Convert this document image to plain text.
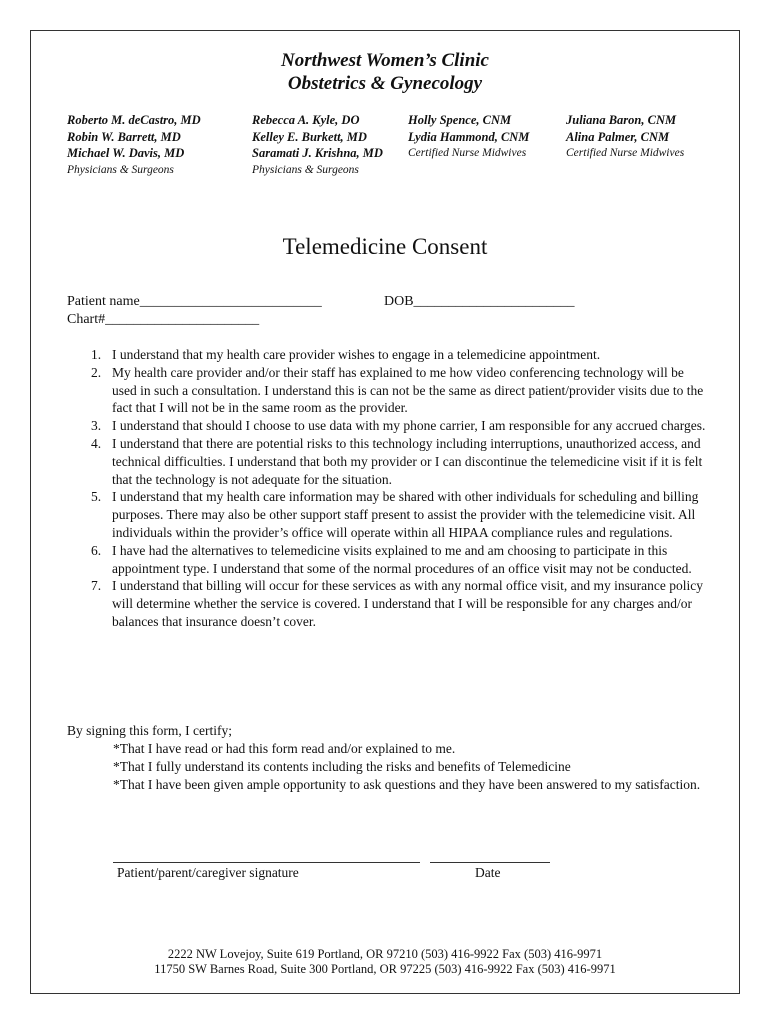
Northwest Women’s Clinic
Obstetrics & Gynecology
Roberto M. deCastro, MD
Robin W. Barrett, MD
Michael W. Davis, MD
Physicians & Surgeons
Rebecca A. Kyle, DO
Kelley E. Burkett, MD
Saramati J. Krishna, MD
Physicians & Surgeons
Holly Spence, CNM
Lydia Hammond, CNM
Certified Nurse Midwives
Juliana Baron, CNM
Alina Palmer, CNM
Certified Nurse Midwives
Telemedicine Consent
Patient name__________________________	DOB_______________________
Chart#______________________
1. I understand that my health care provider wishes to engage in a telemedicine appointment.
2. My health care provider and/or their staff has explained to me how video conferencing technology will be used in such a consultation. I understand this is can not be the same as direct patient/provider visits due to the fact that I will not be in the same room as the provider.
3. I understand that should I choose to use data with my phone carrier, I am responsible for any accrued charges.
4. I understand that there are potential risks to this technology including interruptions, unauthorized access, and technical difficulties. I understand that both my provider or I can discontinue the telemedicine visit if it is felt that the technology is not adequate for the situation.
5. I understand that my health care information may be shared with other individuals for scheduling and billing purposes. There may also be other support staff present to assist the provider with the telemedicine visit. All individuals within the provider’s office will operate within all HIPAA compliance rules and regulations.
6. I have had the alternatives to telemedicine visits explained to me and am choosing to participate in this appointment type. I understand that some of the normal procedures of an office visit may not be conducted.
7. I understand that billing will occur for these services as with any normal office visit, and my insurance policy will determine whether the service is covered. I understand that I will be responsible for any charges and/or balances that insurance doesn’t cover.
By signing this form, I certify;
*That I have read or had this form read and/or explained to me.
*That I fully understand its contents including the risks and benefits of Telemedicine
*That I have been given ample opportunity to ask questions and they have been answered to my satisfaction.
Patient/parent/caregiver signature	Date
2222 NW Lovejoy, Suite 619 Portland, OR 97210 (503) 416-9922 Fax (503) 416-9971
11750 SW Barnes Road, Suite 300 Portland, OR 97225 (503) 416-9922 Fax (503) 416-9971
